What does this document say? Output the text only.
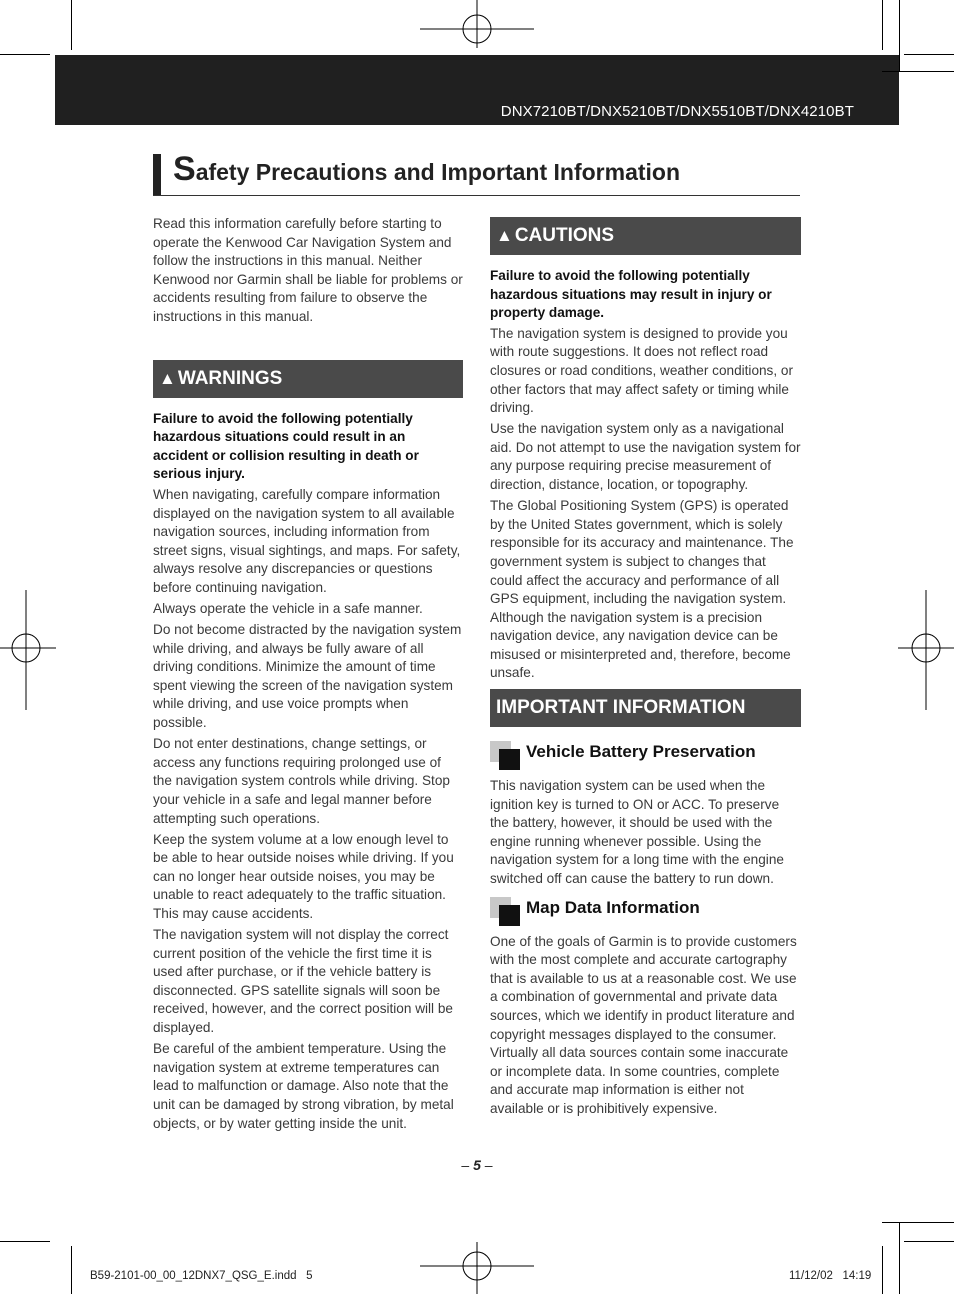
DNX7210BT/DNX5210BT/DNX5510BT/DNX4210BT
Safety Precautions and Important Information

Read this information carefully before starting to operate the Kenwood Car Navigation System and follow the instructions in this manual. Neither Kenwood nor Garmin shall be liable for problems or accidents resulting from failure to observe the instructions in this manual.

▲ WARNINGS

Failure to avoid the following potentially hazardous situations could result in an accident or collision resulting in death or serious injury.

When navigating, carefully compare information displayed on the navigation system to all available navigation sources, including information from street signs, visual sightings, and maps. For safety, always resolve any discrepancies or questions before continuing navigation.

Always operate the vehicle in a safe manner.

Do not become distracted by the navigation system while driving, and always be fully aware of all driving conditions. Minimize the amount of time spent viewing the screen of the navigation system while driving, and use voice prompts when possible.

Do not enter destinations, change settings, or access any functions requiring prolonged use of the navigation system controls while driving. Stop your vehicle in a safe and legal manner before attempting such operations.

Keep the system volume at a low enough level to be able to hear outside noises while driving. If you can no longer hear outside noises, you may be unable to react adequately to the traffic situation. This may cause accidents.

The navigation system will not display the correct current position of the vehicle the first time it is used after purchase, or if the vehicle battery is disconnected. GPS satellite signals will soon be received, however, and the correct position will be displayed.

Be careful of the ambient temperature. Using the navigation system at extreme temperatures can lead to malfunction or damage. Also note that the unit can be damaged by strong vibration, by metal objects, or by water getting inside the unit.

▲ CAUTIONS

Failure to avoid the following potentially hazardous situations may result in injury or property damage.

The navigation system is designed to provide you with route suggestions. It does not reflect road closures or road conditions, weather conditions, or other factors that may affect safety or timing while driving.

Use the navigation system only as a navigational aid. Do not attempt to use the navigation system for any purpose requiring precise measurement of direction, distance, location, or topography.

The Global Positioning System (GPS) is operated by the United States government, which is solely responsible for its accuracy and maintenance. The government system is subject to changes that could affect the accuracy and performance of all GPS equipment, including the navigation system. Although the navigation system is a precision navigation device, any navigation device can be misused or misinterpreted and, therefore, become unsafe.

IMPORTANT INFORMATION
Vehicle Battery Preservation

This navigation system can be used when the ignition key is turned to ON or ACC. To preserve the battery, however, it should be used with the engine running whenever possible. Using the navigation system for a long time with the engine switched off can cause the battery to run down.

Map Data Information

One of the goals of Garmin is to provide customers with the most complete and accurate cartography that is available to us at a reasonable cost. We use a combination of governmental and private data sources, which we identify in product literature and copyright messages displayed to the consumer. Virtually all data sources contain some inaccurate or incomplete data. In some countries, complete and accurate map information is either not available or is prohibitively expensive.

– 5 –
B59-2101-00_00_12DNX7_QSG_E.indd   5	11/12/02   14:19
